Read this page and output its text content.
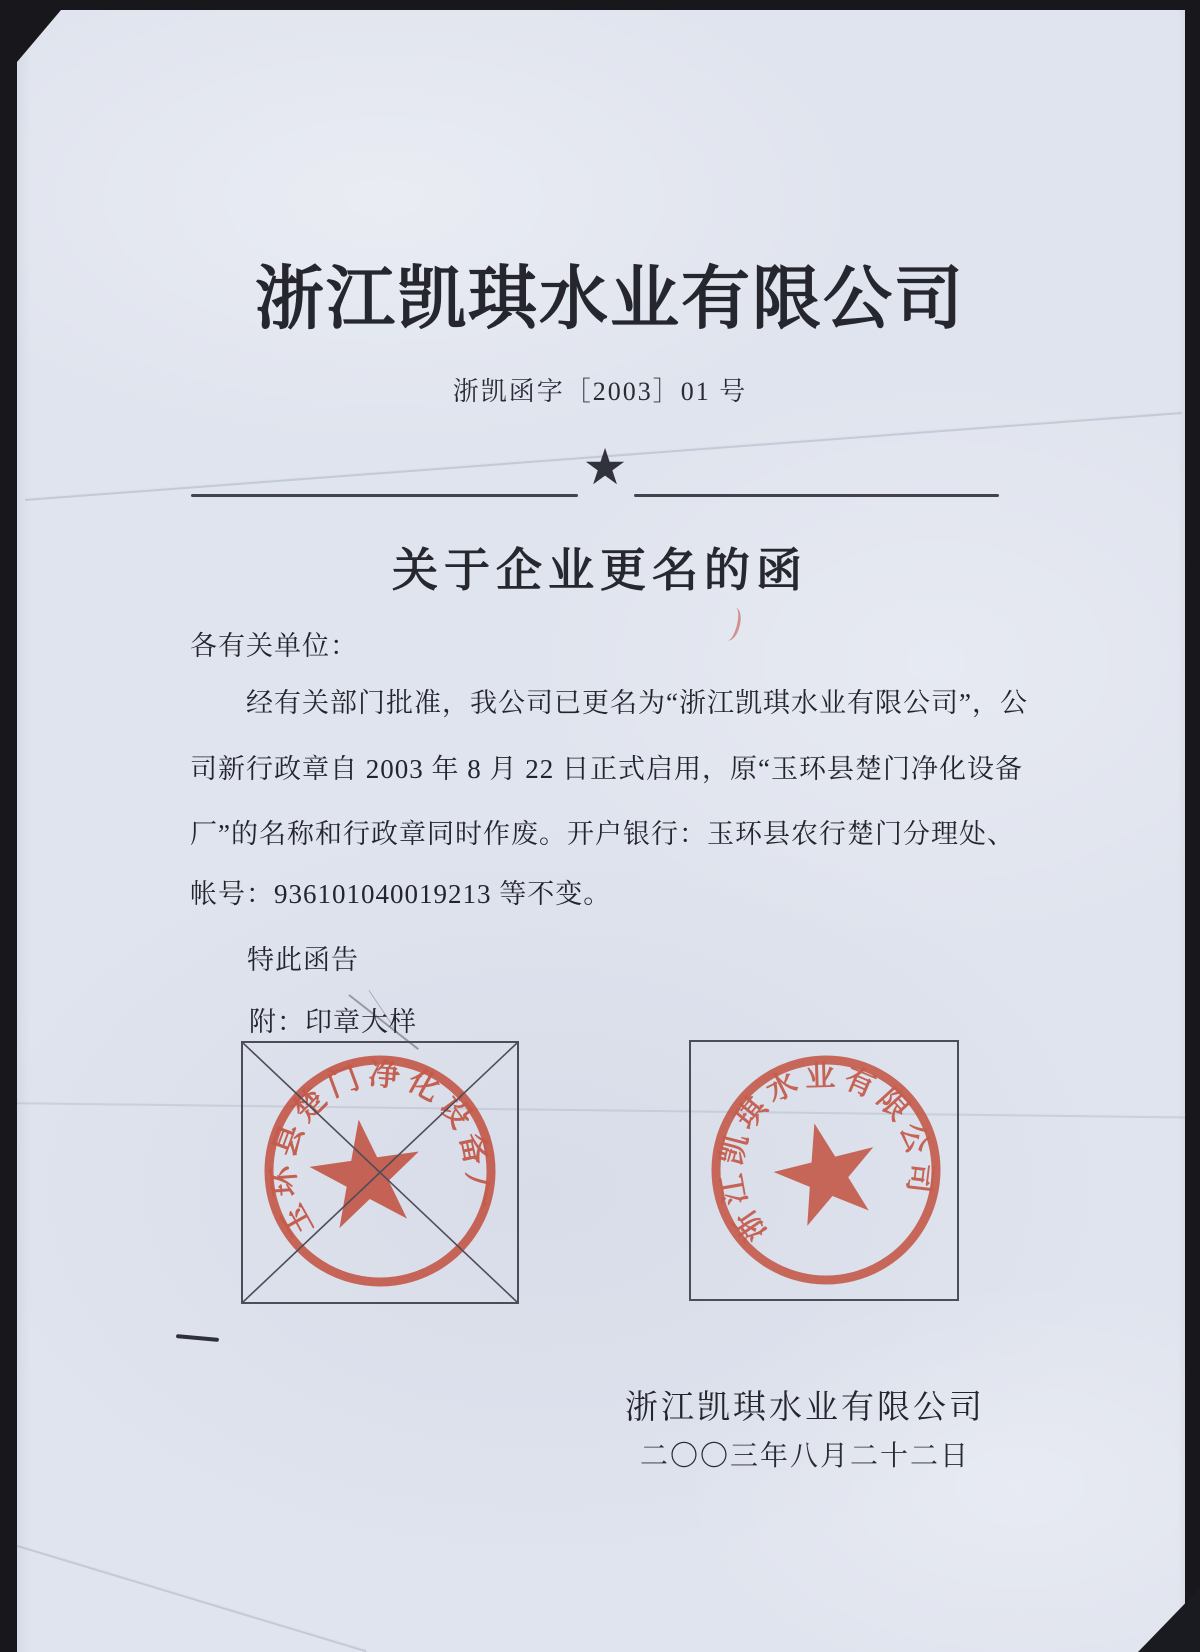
浙江凯琪水业有限公司
浙凯函字［2003］01 号
★
关于企业更名的函
各有关单位：
经有关部门批准，我公司已更名为“浙江凯琪水业有限公司”，公
司新行政章自 2003 年 8 月 22 日正式启用，原“玉环县楚门净化设备
厂”的名称和行政章同时作废。开户银行：玉环县农行楚门分理处、
帐号：936101040019213 等不变。
特此函告
附：印章大样
玉环县楚门净化设备厂
浙江凯琪水业有限公司
浙江凯琪水业有限公司
二〇〇三年八月二十二日
